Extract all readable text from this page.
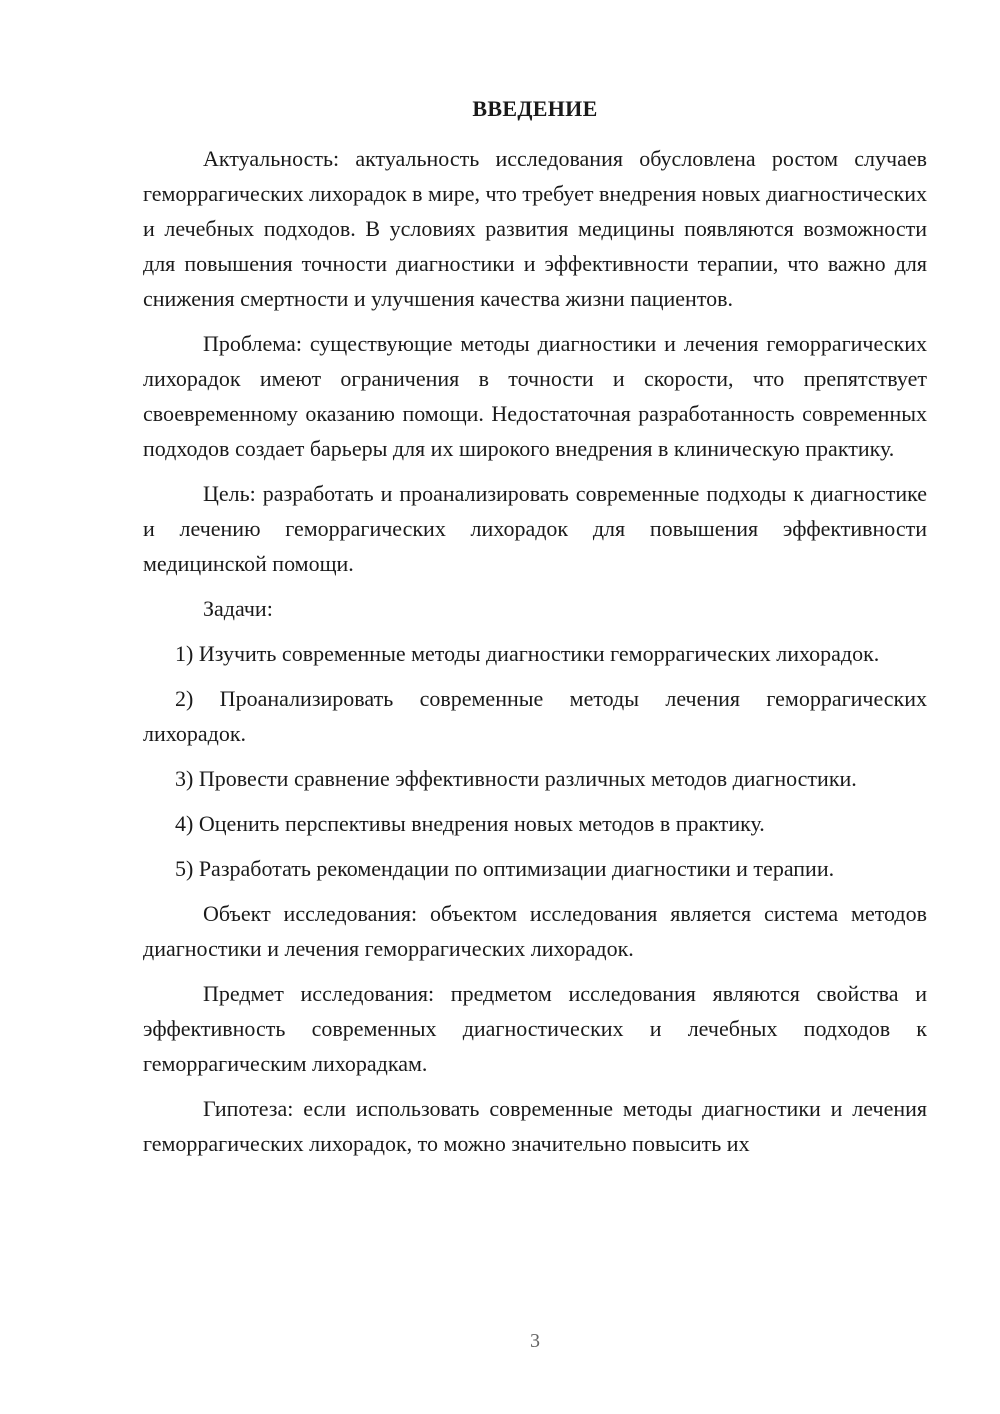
ВВЕДЕНИЕ

Актуальность: актуальность исследования обусловлена ростом случаев геморрагических лихорадок в мире, что требует внедрения новых диагностических и лечебных подходов. В условиях развития медицины появляются возможности для повышения точности диагностики и эффективности терапии, что важно для снижения смертности и улучшения качества жизни пациентов.

Проблема: существующие методы диагностики и лечения геморрагических лихорадок имеют ограничения в точности и скорости, что препятствует своевременному оказанию помощи. Недостаточная разработанность современных подходов создает барьеры для их широкого внедрения в клиническую практику.

Цель: разработать и проанализировать современные подходы к диагностике и лечению геморрагических лихорадок для повышения эффективности медицинской помощи.

Задачи:

1) Изучить современные методы диагностики геморрагических лихорадок.

2) Проанализировать современные методы лечения геморрагических лихорадок.

3) Провести сравнение эффективности различных методов диагностики.

4) Оценить перспективы внедрения новых методов в практику.

5) Разработать рекомендации по оптимизации диагностики и терапии.

Объект исследования: объектом исследования является система методов диагностики и лечения геморрагических лихорадок.

Предмет исследования: предметом исследования являются свойства и эффективность современных диагностических и лечебных подходов к геморрагическим лихорадкам.

Гипотеза: если использовать современные методы диагностики и лечения геморрагических лихорадок, то можно значительно повысить их

3
